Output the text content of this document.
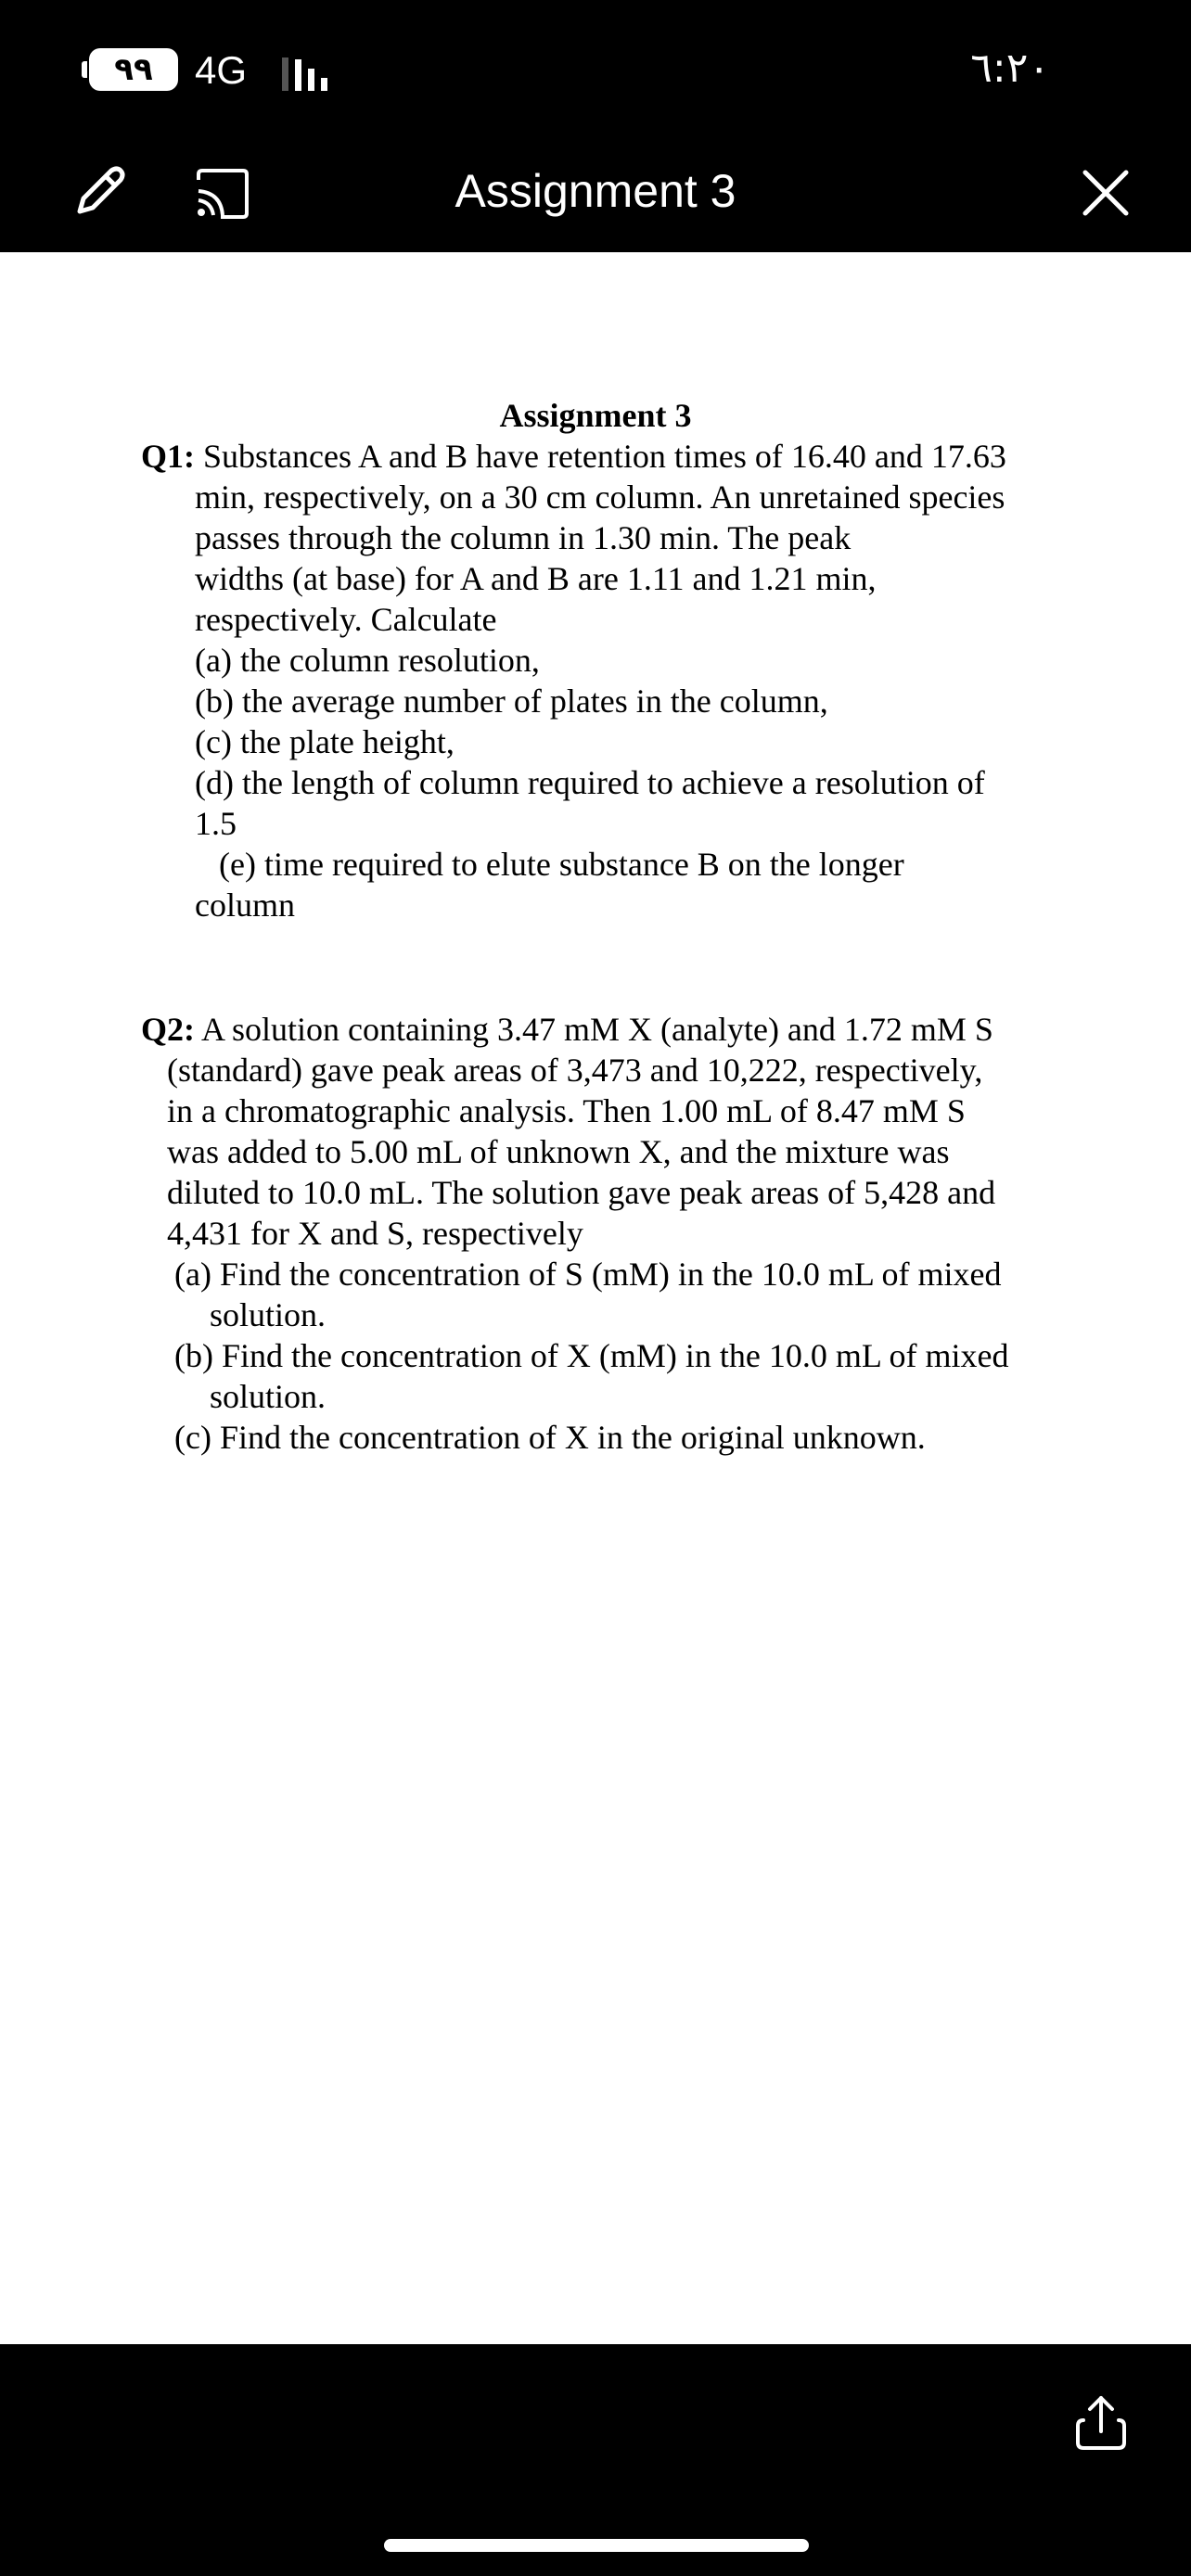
٩٩	4G	٦:٢٠
Assignment 3
Assignment 3
Q1: Substances A and B have retention times of 16.40 and 17.63
min, respectively, on a 30 cm column. An unretained species
passes through the column in 1.30 min. The peak
widths (at base) for A and B are 1.11 and 1.21 min,
respectively. Calculate
(a) the column resolution,
(b) the average number of plates in the column,
(c) the plate height,
(d) the length of column required to achieve a resolution of
1.5
(e) time required to elute substance B on the longer
column
Q2: A solution containing 3.47 mM X (analyte) and 1.72 mM S
(standard) gave peak areas of 3,473 and 10,222, respectively,
in a chromatographic analysis. Then 1.00 mL of 8.47 mM S
was added to 5.00 mL of unknown X, and the mixture was
diluted to 10.0 mL. The solution gave peak areas of 5,428 and
4,431 for X and S, respectively
(a) Find the concentration of S (mM) in the 10.0 mL of mixed
solution.
(b) Find the concentration of X (mM) in the 10.0 mL of mixed
solution.
(c) Find the concentration of X in the original unknown.
